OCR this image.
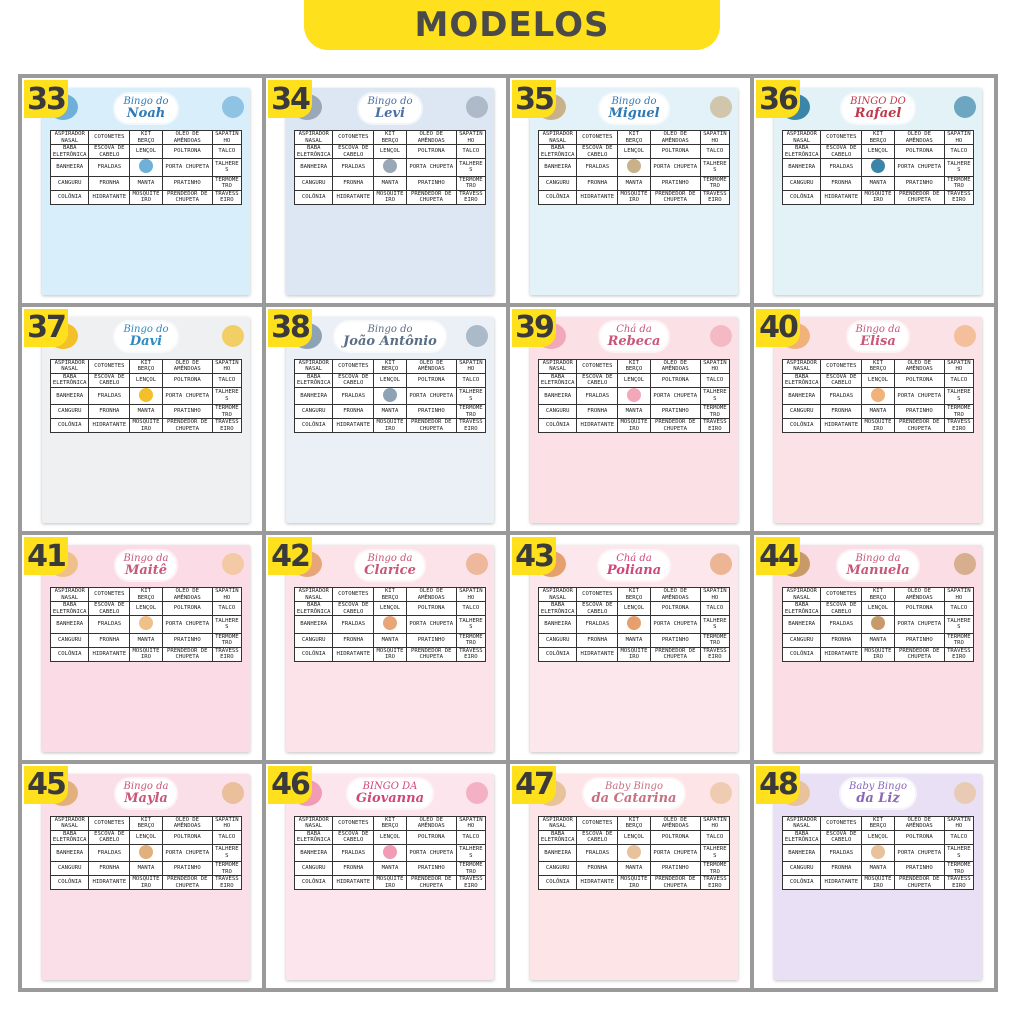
MODELOS
33	Bingo do
Noah
ASPIRADOR NASAL	COTONETES	KIT BERÇO	ÓLEO DE AMÊNDOAS	SAPATINHO
BABÁ ELETRÔNICA	ESCOVA DE CABELO	LENÇOL	POLTRONA	TALCO
BANHEIRA	FRALDAS		PORTA CHUPETA	TALHERES
CANGURU	FRONHA	MANTA	PRATINHO	TERMÔMETRO
COLÔNIA	HIDRATANTE	MOSQUITEIRO	PRENDEDOR DE CHUPETA	TRAVESSEIRO
34	Bingo do
Levi
ASPIRADOR NASAL	COTONETES	KIT BERÇO	ÓLEO DE AMÊNDOAS	SAPATINHO
BABÁ ELETRÔNICA	ESCOVA DE CABELO	LENÇOL	POLTRONA	TALCO
BANHEIRA	FRALDAS		PORTA CHUPETA	TALHERES
CANGURU	FRONHA	MANTA	PRATINHO	TERMÔMETRO
COLÔNIA	HIDRATANTE	MOSQUITEIRO	PRENDEDOR DE CHUPETA	TRAVESSEIRO
35	Bingo do
Miguel
ASPIRADOR NASAL	COTONETES	KIT BERÇO	ÓLEO DE AMÊNDOAS	SAPATINHO
BABÁ ELETRÔNICA	ESCOVA DE CABELO	LENÇOL	POLTRONA	TALCO
BANHEIRA	FRALDAS		PORTA CHUPETA	TALHERES
CANGURU	FRONHA	MANTA	PRATINHO	TERMÔMETRO
COLÔNIA	HIDRATANTE	MOSQUITEIRO	PRENDEDOR DE CHUPETA	TRAVESSEIRO
36	BINGO DO
Rafael
ASPIRADOR NASAL	COTONETES	KIT BERÇO	ÓLEO DE AMÊNDOAS	SAPATINHO
BABÁ ELETRÔNICA	ESCOVA DE CABELO	LENÇOL	POLTRONA	TALCO
BANHEIRA	FRALDAS		PORTA CHUPETA	TALHERES
CANGURU	FRONHA	MANTA	PRATINHO	TERMÔMETRO
COLÔNIA	HIDRATANTE	MOSQUITEIRO	PRENDEDOR DE CHUPETA	TRAVESSEIRO
37	Bingo do
Davi
ASPIRADOR NASAL	COTONETES	KIT BERÇO	ÓLEO DE AMÊNDOAS	SAPATINHO
BABÁ ELETRÔNICA	ESCOVA DE CABELO	LENÇOL	POLTRONA	TALCO
BANHEIRA	FRALDAS		PORTA CHUPETA	TALHERES
CANGURU	FRONHA	MANTA	PRATINHO	TERMÔMETRO
COLÔNIA	HIDRATANTE	MOSQUITEIRO	PRENDEDOR DE CHUPETA	TRAVESSEIRO
38	Bingo do
João Antônio
ASPIRADOR NASAL	COTONETES	KIT BERÇO	ÓLEO DE AMÊNDOAS	SAPATINHO
BABÁ ELETRÔNICA	ESCOVA DE CABELO	LENÇOL	POLTRONA	TALCO
BANHEIRA	FRALDAS		PORTA CHUPETA	TALHERES
CANGURU	FRONHA	MANTA	PRATINHO	TERMÔMETRO
COLÔNIA	HIDRATANTE	MOSQUITEIRO	PRENDEDOR DE CHUPETA	TRAVESSEIRO
39	Chá da
Rebeca
ASPIRADOR NASAL	COTONETES	KIT BERÇO	ÓLEO DE AMÊNDOAS	SAPATINHO
BABÁ ELETRÔNICA	ESCOVA DE CABELO	LENÇOL	POLTRONA	TALCO
BANHEIRA	FRALDAS		PORTA CHUPETA	TALHERES
CANGURU	FRONHA	MANTA	PRATINHO	TERMÔMETRO
COLÔNIA	HIDRATANTE	MOSQUITEIRO	PRENDEDOR DE CHUPETA	TRAVESSEIRO
40	Bingo da
Elisa
ASPIRADOR NASAL	COTONETES	KIT BERÇO	ÓLEO DE AMÊNDOAS	SAPATINHO
BABÁ ELETRÔNICA	ESCOVA DE CABELO	LENÇOL	POLTRONA	TALCO
BANHEIRA	FRALDAS		PORTA CHUPETA	TALHERES
CANGURU	FRONHA	MANTA	PRATINHO	TERMÔMETRO
COLÔNIA	HIDRATANTE	MOSQUITEIRO	PRENDEDOR DE CHUPETA	TRAVESSEIRO
41	Bingo da
Maitê
ASPIRADOR NASAL	COTONETES	KIT BERÇO	ÓLEO DE AMÊNDOAS	SAPATINHO
BABÁ ELETRÔNICA	ESCOVA DE CABELO	LENÇOL	POLTRONA	TALCO
BANHEIRA	FRALDAS		PORTA CHUPETA	TALHERES
CANGURU	FRONHA	MANTA	PRATINHO	TERMÔMETRO
COLÔNIA	HIDRATANTE	MOSQUITEIRO	PRENDEDOR DE CHUPETA	TRAVESSEIRO
42	Bingo da
Clarice
ASPIRADOR NASAL	COTONETES	KIT BERÇO	ÓLEO DE AMÊNDOAS	SAPATINHO
BABÁ ELETRÔNICA	ESCOVA DE CABELO	LENÇOL	POLTRONA	TALCO
BANHEIRA	FRALDAS		PORTA CHUPETA	TALHERES
CANGURU	FRONHA	MANTA	PRATINHO	TERMÔMETRO
COLÔNIA	HIDRATANTE	MOSQUITEIRO	PRENDEDOR DE CHUPETA	TRAVESSEIRO
43	Chá da
Poliana
ASPIRADOR NASAL	COTONETES	KIT BERÇO	ÓLEO DE AMÊNDOAS	SAPATINHO
BABÁ ELETRÔNICA	ESCOVA DE CABELO	LENÇOL	POLTRONA	TALCO
BANHEIRA	FRALDAS		PORTA CHUPETA	TALHERES
CANGURU	FRONHA	MANTA	PRATINHO	TERMÔMETRO
COLÔNIA	HIDRATANTE	MOSQUITEIRO	PRENDEDOR DE CHUPETA	TRAVESSEIRO
44	Bingo da
Manuela
ASPIRADOR NASAL	COTONETES	KIT BERÇO	ÓLEO DE AMÊNDOAS	SAPATINHO
BABÁ ELETRÔNICA	ESCOVA DE CABELO	LENÇOL	POLTRONA	TALCO
BANHEIRA	FRALDAS		PORTA CHUPETA	TALHERES
CANGURU	FRONHA	MANTA	PRATINHO	TERMÔMETRO
COLÔNIA	HIDRATANTE	MOSQUITEIRO	PRENDEDOR DE CHUPETA	TRAVESSEIRO
45	Bingo da
Mayla
ASPIRADOR NASAL	COTONETES	KIT BERÇO	ÓLEO DE AMÊNDOAS	SAPATINHO
BABÁ ELETRÔNICA	ESCOVA DE CABELO	LENÇOL	POLTRONA	TALCO
BANHEIRA	FRALDAS		PORTA CHUPETA	TALHERES
CANGURU	FRONHA	MANTA	PRATINHO	TERMÔMETRO
COLÔNIA	HIDRATANTE	MOSQUITEIRO	PRENDEDOR DE CHUPETA	TRAVESSEIRO
46	BINGO DA
Giovanna
ASPIRADOR NASAL	COTONETES	KIT BERÇO	ÓLEO DE AMÊNDOAS	SAPATINHO
BABÁ ELETRÔNICA	ESCOVA DE CABELO	LENÇOL	POLTRONA	TALCO
BANHEIRA	FRALDAS		PORTA CHUPETA	TALHERES
CANGURU	FRONHA	MANTA	PRATINHO	TERMÔMETRO
COLÔNIA	HIDRATANTE	MOSQUITEIRO	PRENDEDOR DE CHUPETA	TRAVESSEIRO
47	Baby Bingo
da Catarina
ASPIRADOR NASAL	COTONETES	KIT BERÇO	ÓLEO DE AMÊNDOAS	SAPATINHO
BABÁ ELETRÔNICA	ESCOVA DE CABELO	LENÇOL	POLTRONA	TALCO
BANHEIRA	FRALDAS		PORTA CHUPETA	TALHERES
CANGURU	FRONHA	MANTA	PRATINHO	TERMÔMETRO
COLÔNIA	HIDRATANTE	MOSQUITEIRO	PRENDEDOR DE CHUPETA	TRAVESSEIRO
48	Baby Bingo
da Liz
ASPIRADOR NASAL	COTONETES	KIT BERÇO	ÓLEO DE AMÊNDOAS	SAPATINHO
BABÁ ELETRÔNICA	ESCOVA DE CABELO	LENÇOL	POLTRONA	TALCO
BANHEIRA	FRALDAS		PORTA CHUPETA	TALHERES
CANGURU	FRONHA	MANTA	PRATINHO	TERMÔMETRO
COLÔNIA	HIDRATANTE	MOSQUITEIRO	PRENDEDOR DE CHUPETA	TRAVESSEIRO
